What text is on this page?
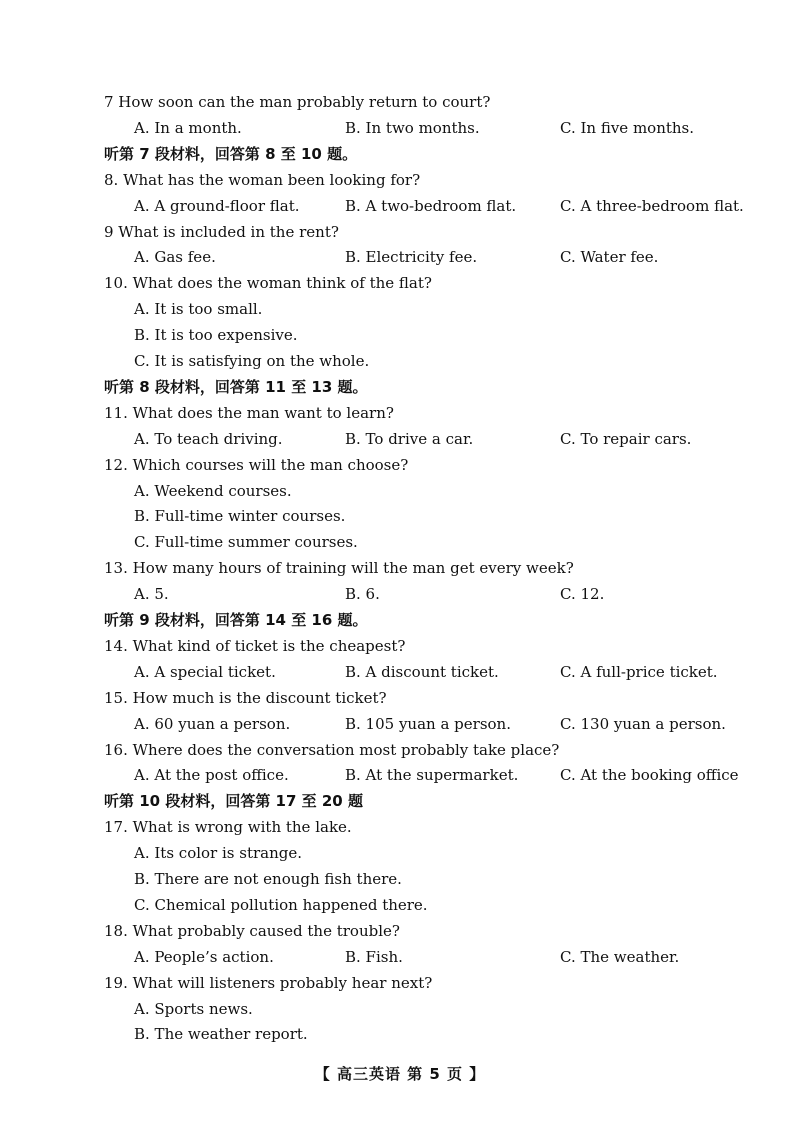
7 How soon can the man probably return to court?
A. In a month.	B. In two months.	C. In five months.
听第 7 段材料，回答第 8 至 10 题。
8. What has the woman been looking for?
A. A ground-floor flat.	B. A two-bedroom flat.	C. A three-bedroom flat.
9 What is included in the rent?
A. Gas fee.	B. Electricity fee.	C. Water fee.
10. What does the woman think of the flat?
A. It is too small.
B. It is too expensive.
C. It is satisfying on the whole.
听第 8 段材料，回答第 11 至 13 题。
11. What does the man want to learn?
A. To teach driving.	B. To drive a car.	C. To repair cars.
12. Which courses will the man choose?
A. Weekend courses.
B. Full-time winter courses.
C. Full-time summer courses.
13. How many hours of training will the man get every week?
A. 5.	B. 6.	C. 12.
听第 9 段材料，回答第 14 至 16 题。
14. What kind of ticket is the cheapest?
A. A special ticket.	B. A discount ticket.	C. A full-price ticket.
15. How much is the discount ticket?
A. 60 yuan a person.	B. 105 yuan a person.	C. 130 yuan a person.
16. Where does the conversation most probably take place?
A. At the post office.	B. At the supermarket.	C. At the booking office
听第 10 段材料，回答第 17 至 20 题
17. What is wrong with the lake.
A. Its color is strange.
B. There are not enough fish there.
C. Chemical pollution happened there.
18. What probably caused the trouble?
A. People’s action.	B. Fish.	C. The weather.
19. What will listeners probably hear next?
A. Sports news.
B. The weather report.
【 高三英语 第 5 页 】
